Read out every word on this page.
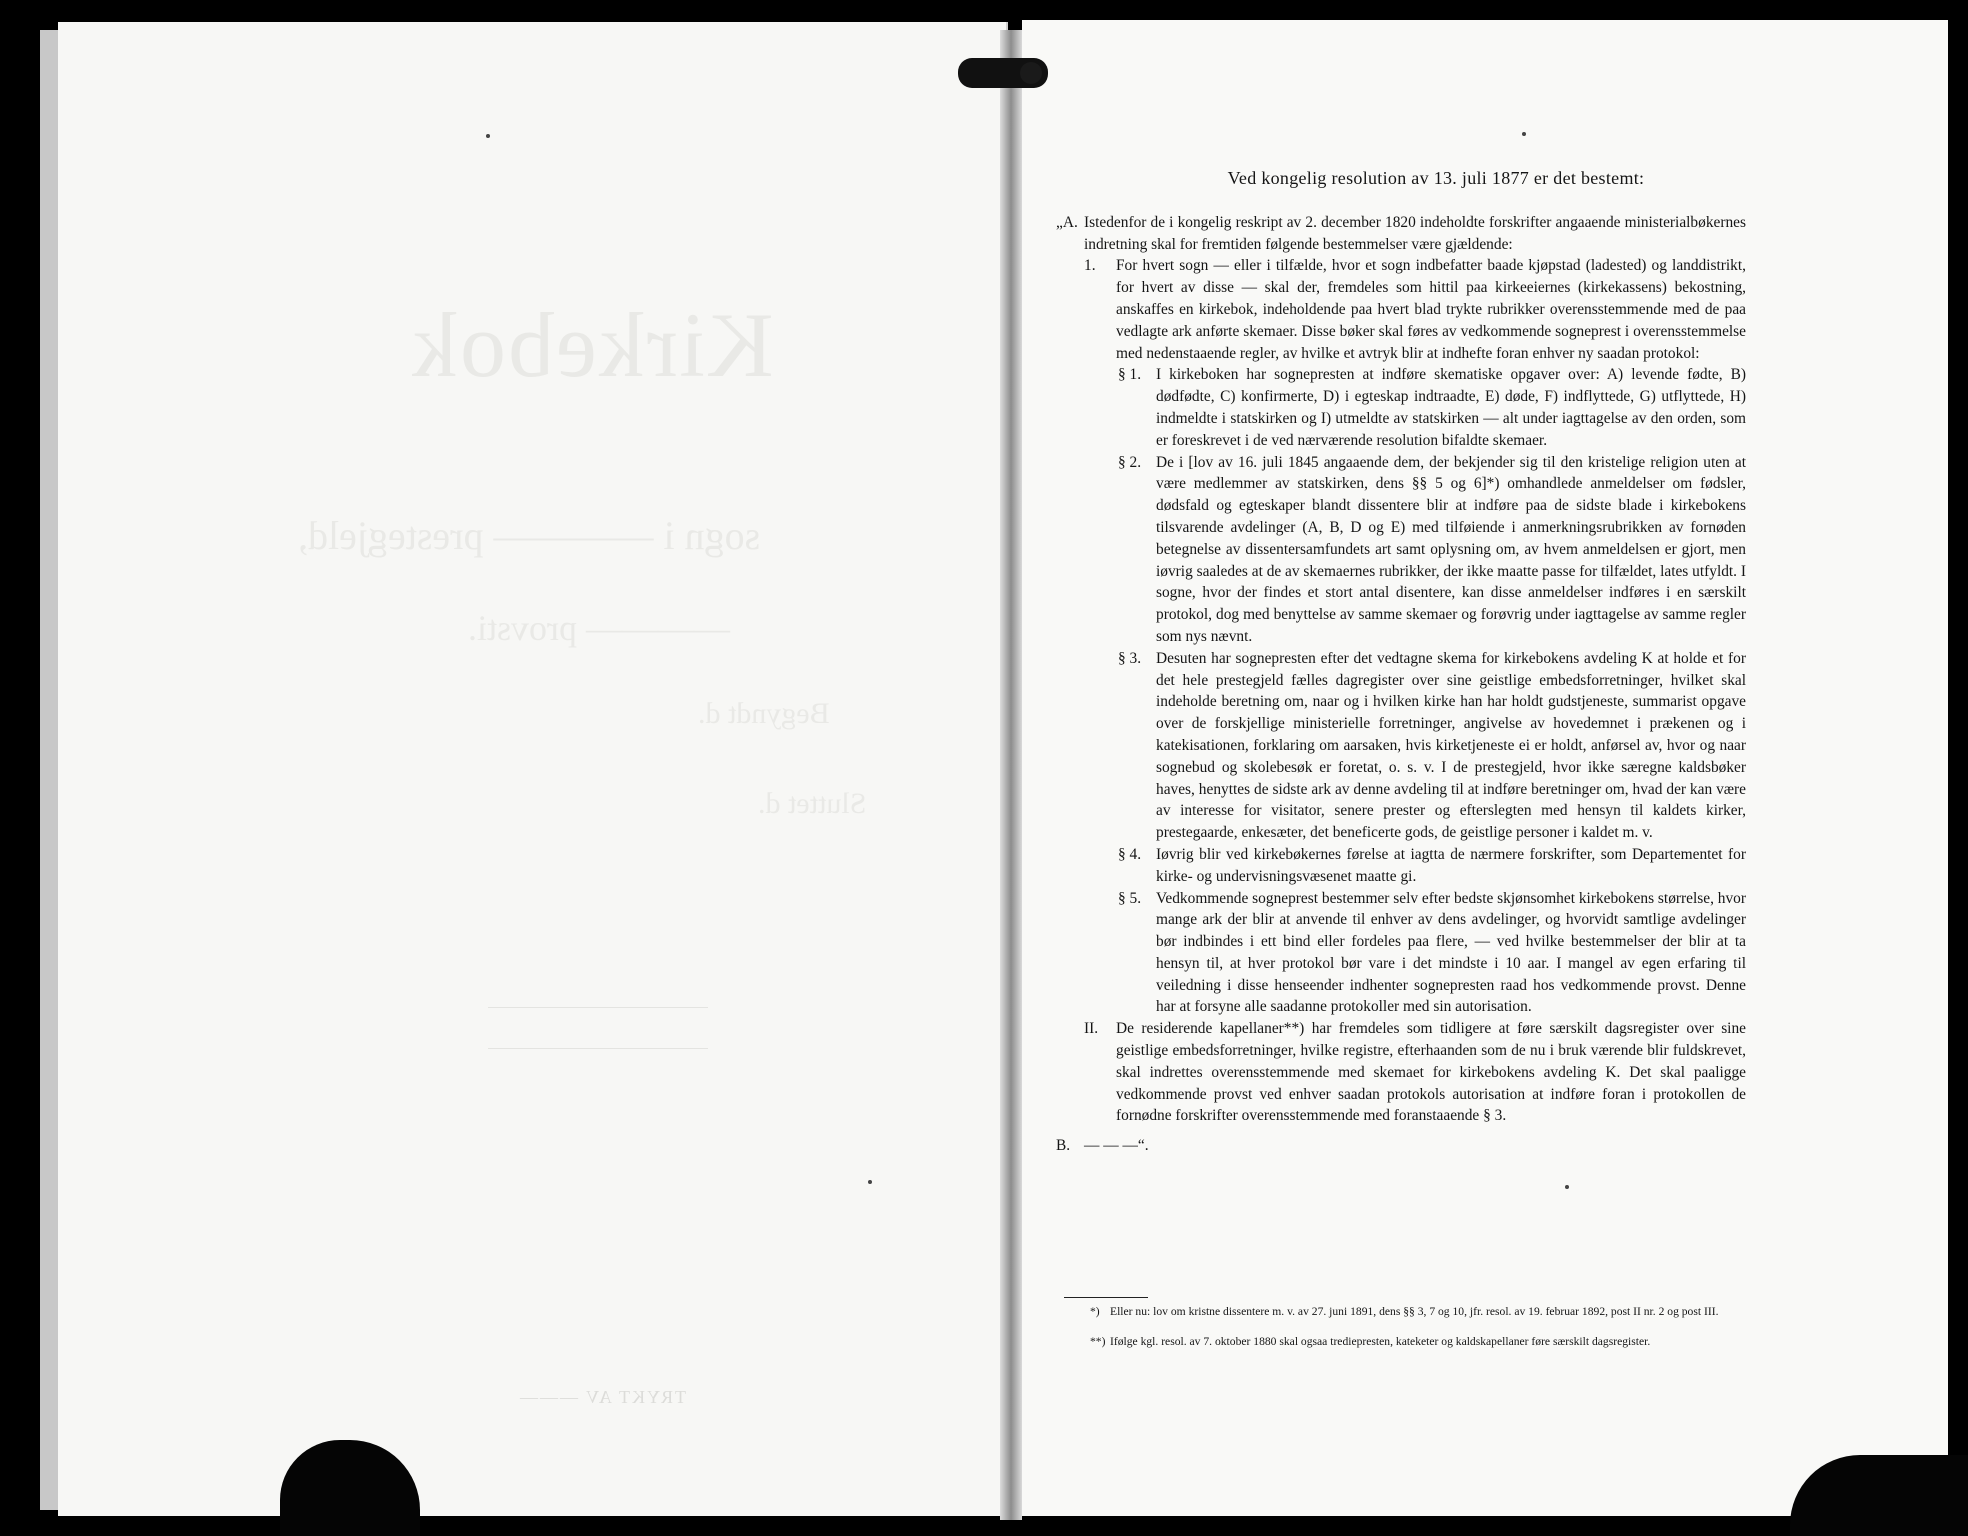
Kirkebok
sogn i ———— prestegjeld,
———— provsti.
Begyndt d.
Sluttet d.
TRYKT AV ———
Ved kongelig resolution av 13. juli 1877 er det bestemt:
„A. Istedenfor de i kongelig reskript av 2. december 1820 indeholdte forskrifter angaaende ministerialbøkernes indretning skal for fremtiden følgende bestemmelser være gjældende:
1.	For hvert sogn — eller i tilfælde, hvor et sogn indbefatter baade kjøpstad (ladested) og landdistrikt, for hvert av disse — skal der, fremdeles som hittil paa kirkeeiernes (kirkekassens) bekostning, anskaffes en kirkebok, indeholdende paa hvert blad trykte rubrikker overensstemmende med de paa vedlagte ark anførte skemaer. Disse bøker skal føres av vedkommende sogneprest i overensstemmelse med nedenstaaende regler, av hvilke et avtryk blir at indhefte foran enhver ny saadan protokol:
§ 1. I kirkeboken har sognepresten at indføre skematiske opgaver over: A) levende fødte, B) dødfødte, C) konfirmerte, D) i egteskap indtraadte, E) døde, F) indflyttede, G) utflyttede, H) indmeldte i statskirken og I) utmeldte av statskirken — alt under iagttagelse av den orden, som er foreskrevet i de ved nærværende resolution bifaldte skemaer.
§ 2. De i [lov av 16. juli 1845 angaaende dem, der bekjender sig til den kristelige religion uten at være medlemmer av statskirken, dens §§ 5 og 6]*) omhandlede anmeldelser om fødsler, dødsfald og egteskaper blandt dissentere blir at indføre paa de sidste blade i kirkebokens tilsvarende avdelinger (A, B, D og E) med tilføiende i anmerkningsrubrikken av fornøden betegnelse av dissentersamfundets art samt oplysning om, av hvem anmeldelsen er gjort, men iøvrig saaledes at de av skemaernes rubrikker, der ikke maatte passe for tilfældet, lates utfyldt. I sogne, hvor der findes et stort antal disentere, kan disse anmeldelser indføres i en særskilt protokol, dog med benyttelse av samme skemaer og forøvrig under iagttagelse av samme regler som nys nævnt.
§ 3. Desuten har sognepresten efter det vedtagne skema for kirkebokens avdeling K at holde et for det hele prestegjeld fælles dagregister over sine geistlige embedsforretninger, hvilket skal indeholde beretning om, naar og i hvilken kirke han har holdt gudstjeneste, summarist opgave over de forskjellige ministerielle forretninger, angivelse av hovedemnet i prækenen og i katekisationen, forklaring om aarsaken, hvis kirketjeneste ei er holdt, anførsel av, hvor og naar sognebud og skolebesøk er foretat, o. s. v. I de prestegjeld, hvor ikke særegne kaldsbøker haves, henyttes de sidste ark av denne avdeling til at indføre beretninger om, hvad der kan være av interesse for visitator, senere prester og efterslegten med hensyn til kaldets kirker, prestegaarde, enkesæter, det beneficerte gods, de geistlige personer i kaldet m. v.
§ 4. Iøvrig blir ved kirkebøkernes førelse at iagtta de nærmere forskrifter, som Departementet for kirke- og undervisningsvæsenet maatte gi.
§ 5. Vedkommende sogneprest bestemmer selv efter bedste skjønsomhet kirkebokens størrelse, hvor mange ark der blir at anvende til enhver av dens avdelinger, og hvorvidt samtlige avdelinger bør indbindes i ett bind eller fordeles paa flere, — ved hvilke bestemmelser der blir at ta hensyn til, at hver protokol bør vare i det mindste i 10 aar. I mangel av egen erfaring til veiledning i disse henseender indhenter sognepresten raad hos vedkommende provst. Denne har at forsyne alle saadanne protokoller med sin autorisation.
II.	De residerende kapellaner**) har fremdeles som tidligere at føre særskilt dagsregister over sine geistlige embedsforretninger, hvilke registre, efterhaanden som de nu i bruk værende blir fuldskrevet, skal indrettes overensstemmende med skemaet for kirkebokens avdeling K. Det skal paaligge vedkommende provst ved enhver saadan protokols autorisation at indføre foran i protokollen de fornødne forskrifter overensstemmende med foranstaaende § 3.
B. — — —“.
*) Eller nu: lov om kristne dissentere m. v. av 27. juni 1891, dens §§ 3, 7 og 10, jfr. resol. av 19. februar 1892, post II nr. 2 og post III.
**) Ifølge kgl. resol. av 7. oktober 1880 skal ogsaa trediepresten, kateketer og kaldskapellaner føre særskilt dagsregister.
